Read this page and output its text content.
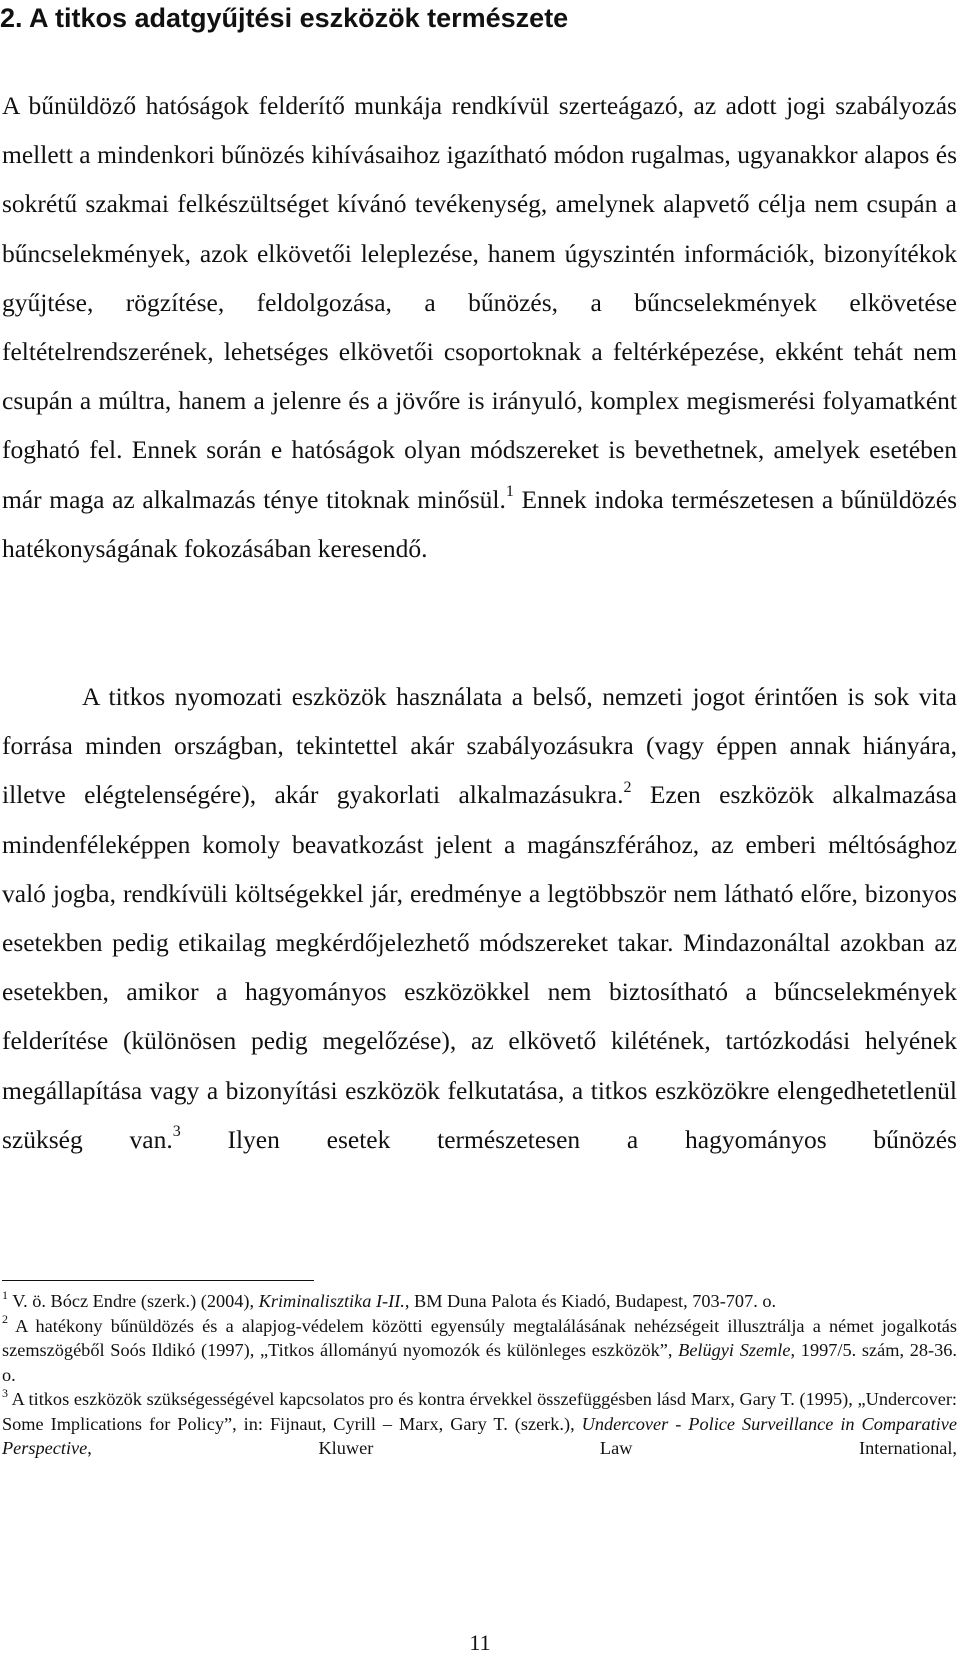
2. A titkos adatgyűjtési eszközök természete

A bűnüldöző hatóságok felderítő munkája rendkívül szerteágazó, az adott jogi szabályozás mellett a mindenkori bűnözés kihívásaihoz igazítható módon rugalmas, ugyanakkor alapos és sokrétű szakmai felkészültséget kívánó tevékenység, amelynek alapvető célja nem csupán a bűncselekmények, azok elkövetői leleplezése, hanem úgyszintén információk, bizonyítékok gyűjtése, rögzítése, feldolgozása, a bűnözés, a bűncselekmények elkövetése feltételrendszerének, lehetséges elkövetői csoportoknak a feltérképezése, ekként tehát nem csupán a múltra, hanem a jelenre és a jövőre is irányuló, komplex megismerési folyamatként fogható fel. Ennek során e hatóságok olyan módszereket is bevethetnek, amelyek esetében már maga az alkalmazás ténye titoknak minősül.$^1$ Ennek indoka természetesen a bűnüldözés hatékonyságának fokozásában keresendő.

A titkos nyomozati eszközök használata a belső, nemzeti jogot érintően is sok vita forrása minden országban, tekintettel akár szabályozásukra (vagy éppen annak hiányára, illetve elégtelenségére), akár gyakorlati alkalmazásukra.$^2$ Ezen eszközök alkalmazása mindenféleképpen komoly beavatkozást jelent a magánszférához, az emberi méltósághoz való jogba, rendkívüli költségekkel jár, eredménye a legtöbbször nem látható előre, bizonyos esetekben pedig etikailag megkérdőjelezhető módszereket takar. Mindazonáltal azokban az esetekben, amikor a hagyományos eszközökkel nem biztosítható a bűncselekmények felderítése (különösen pedig megelőzése), az elkövető kilétének, tartózkodási helyének megállapítása vagy a bizonyítási eszközök felkutatása, a titkos eszközökre elengedhetetlenül szükség van.$^3$ Ilyen esetek természetesen a hagyományos bűnözés

$^1$ V. ö. Bócz Endre (szerk.) (2004), Kriminalisztika I-II., BM Duna Palota és Kiadó, Budapest, 703-707. o.

$^2$ A hatékony bűnüldözés és a alapjog-védelem közötti egyensúly megtalálásának nehézségeit illusztrálja a német jogalkotás szemszögéből Soós Ildikó (1997), „Titkos állományú nyomozók és különleges eszközök”, Belügyi Szemle, 1997/5. szám, 28-36. o.

$^3$ A titkos eszközök szükségességével kapcsolatos pro és kontra érvekkel összefüggésben lásd Marx, Gary T. (1995), „Undercover: Some Implications for Policy”, in: Fijnaut, Cyrill – Marx, Gary T. (szerk.), Undercover - Police Surveillance in Comparative Perspective, Kluwer Law International,

11
